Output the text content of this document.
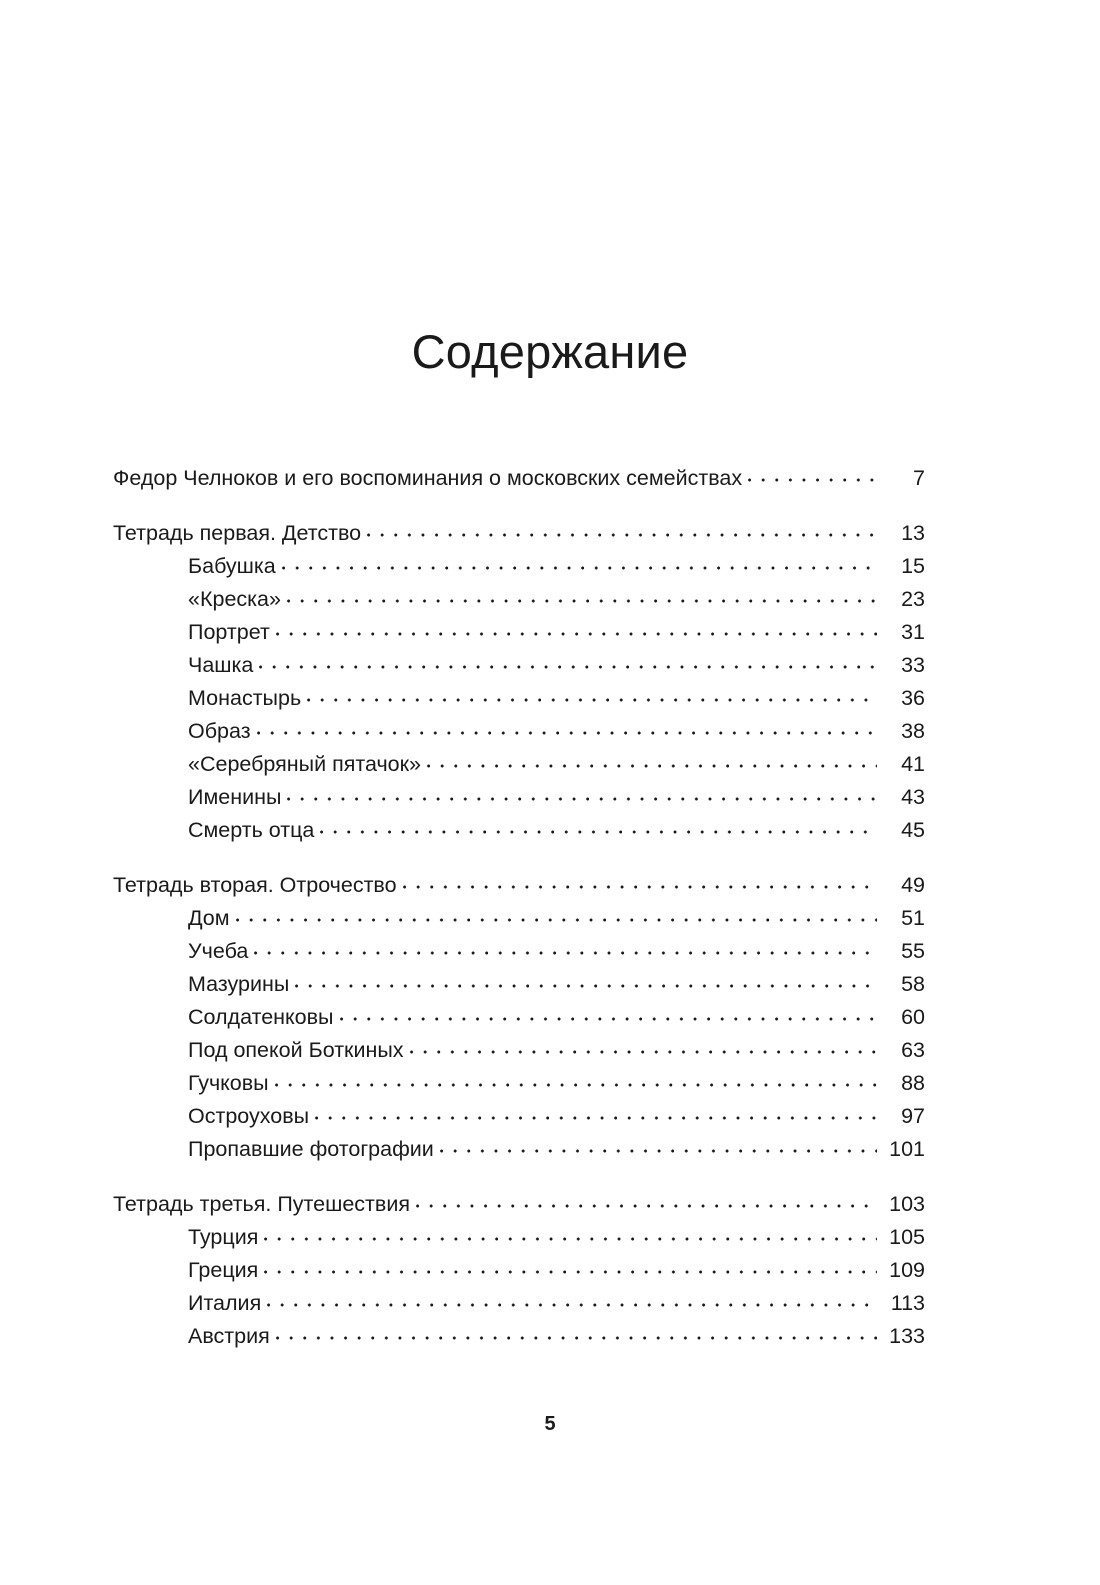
Содержание
Федор Челноков и его воспоминания о московских семействах	7
Тетрадь первая. Детство	13
Бабушка	15
«Креска»	23
Портрет	31
Чашка	33
Монастырь	36
Образ	38
«Серебряный пятачок»	41
Именины	43
Смерть отца	45
Тетрадь вторая. Отрочество	49
Дом	51
Учеба	55
Мазурины	58
Солдатенковы	60
Под опекой Боткиных	63
Гучковы	88
Остроуховы	97
Пропавшие фотографии	101
Тетрадь третья. Путешествия	103
Турция	105
Греция	109
Италия	113
Австрия	133
5
